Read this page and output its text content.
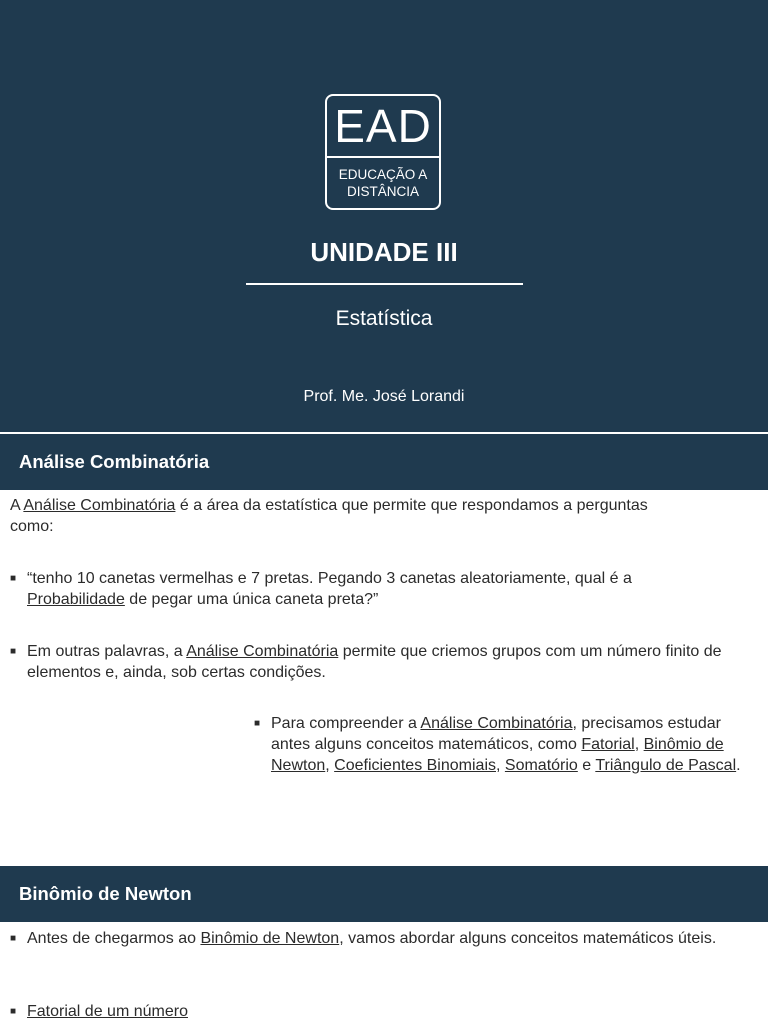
EAD
EDUCAÇÃO A
DISTÂNCIA
UNIDADE III
Estatística
Prof. Me. José Lorandi
Análise Combinatória
A Análise Combinatória é a área da estatística que permite que respondamos a perguntas como:
■ “tenho 10 canetas vermelhas e 7 pretas. Pegando 3 canetas aleatoriamente, qual é a Probabilidade de pegar uma única caneta preta?”
■ Em outras palavras, a Análise Combinatória permite que criemos grupos com um número finito de elementos e, ainda, sob certas condições.
■ Para compreender a Análise Combinatória, precisamos estudar antes alguns conceitos matemáticos, como Fatorial, Binômio de Newton, Coeficientes Binomiais, Somatório e Triângulo de Pascal.
Binômio de Newton
■ Antes de chegarmos ao Binômio de Newton, vamos abordar alguns conceitos matemáticos úteis.
■ Fatorial de um número
